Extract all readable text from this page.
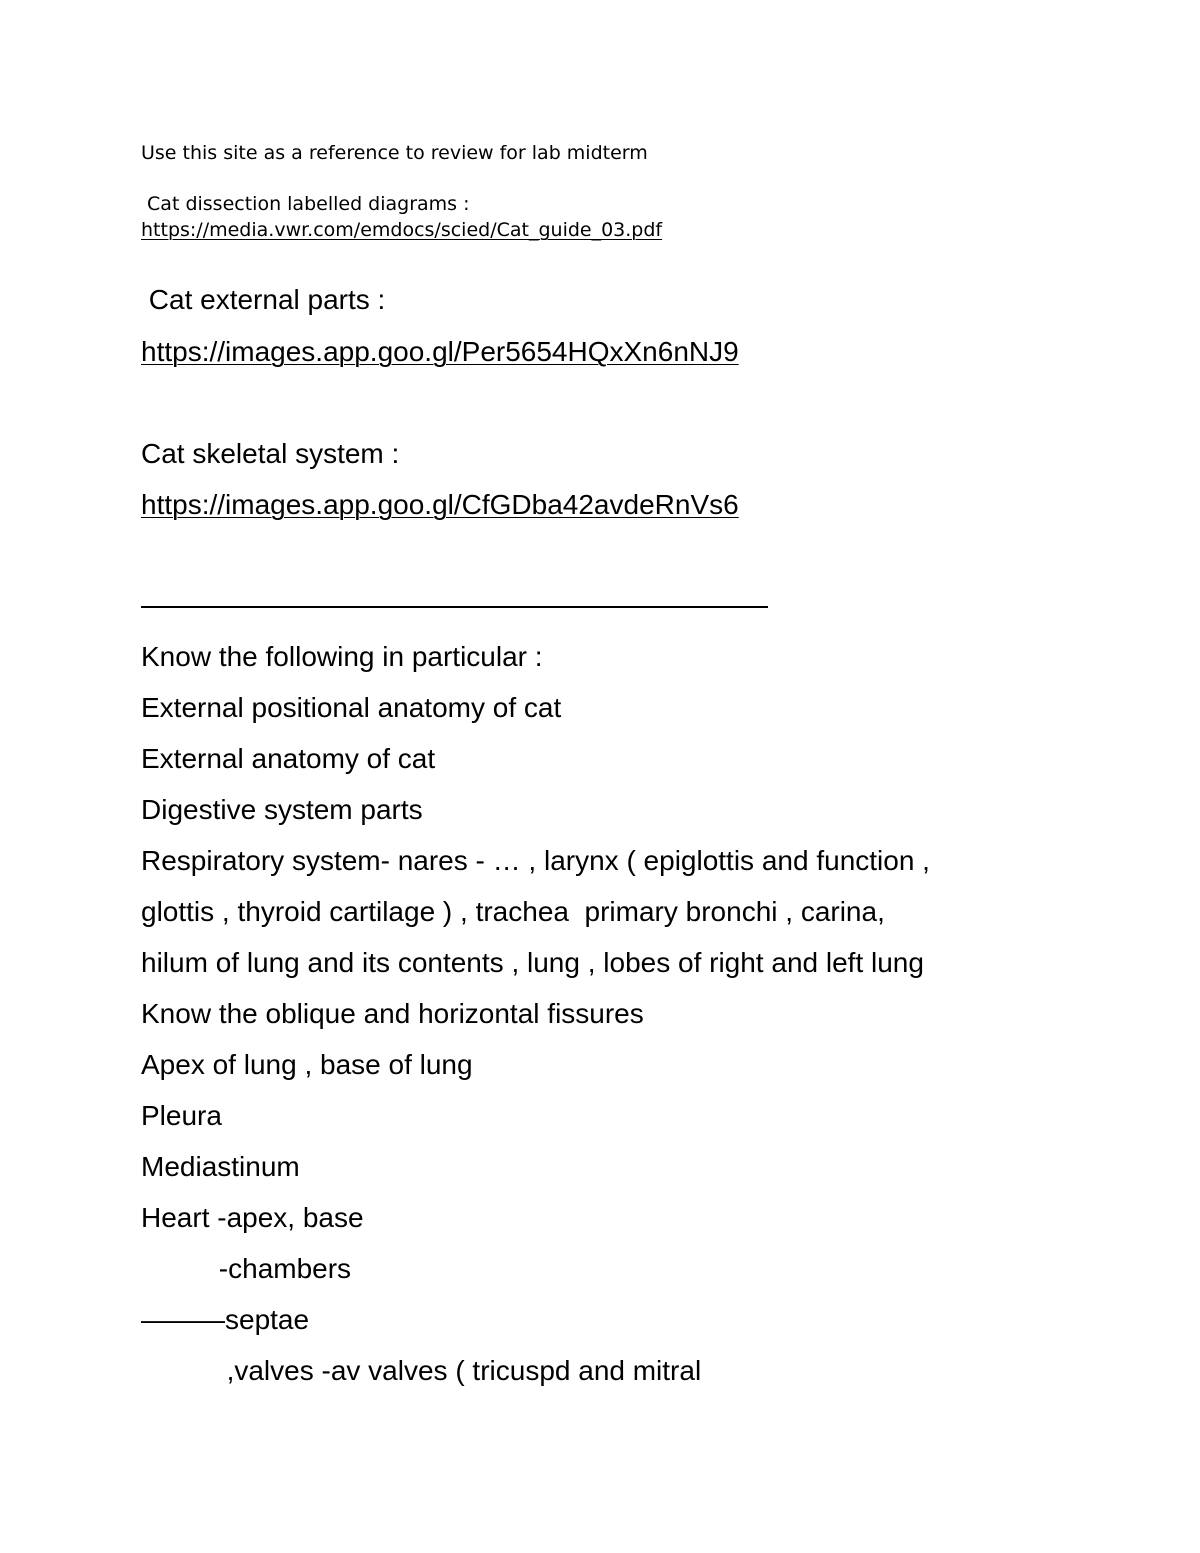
Use this site as a reference to review for lab midterm
Cat dissection labelled diagrams :
https://media.vwr.com/emdocs/scied/Cat_guide_03.pdf
Cat external parts :
https://images.app.goo.gl/Per5654HQxXn6nNJ9
Cat skeletal system :
https://images.app.goo.gl/CfGDba42avdeRnVs6
Know the following in particular :
External positional anatomy of cat
External anatomy of cat
Digestive system parts
Respiratory system- nares - … , larynx ( epiglottis and function ,
glottis , thyroid cartilage ) , trachea  primary bronchi , carina,
hilum of lung and its contents , lung , lobes of right and left lung
Know the oblique and horizontal fissures
Apex of lung , base of lung
Pleura
Mediastinum
Heart -apex, base
-chambers
———septae
,valves -av valves ( tricuspd and mitral
